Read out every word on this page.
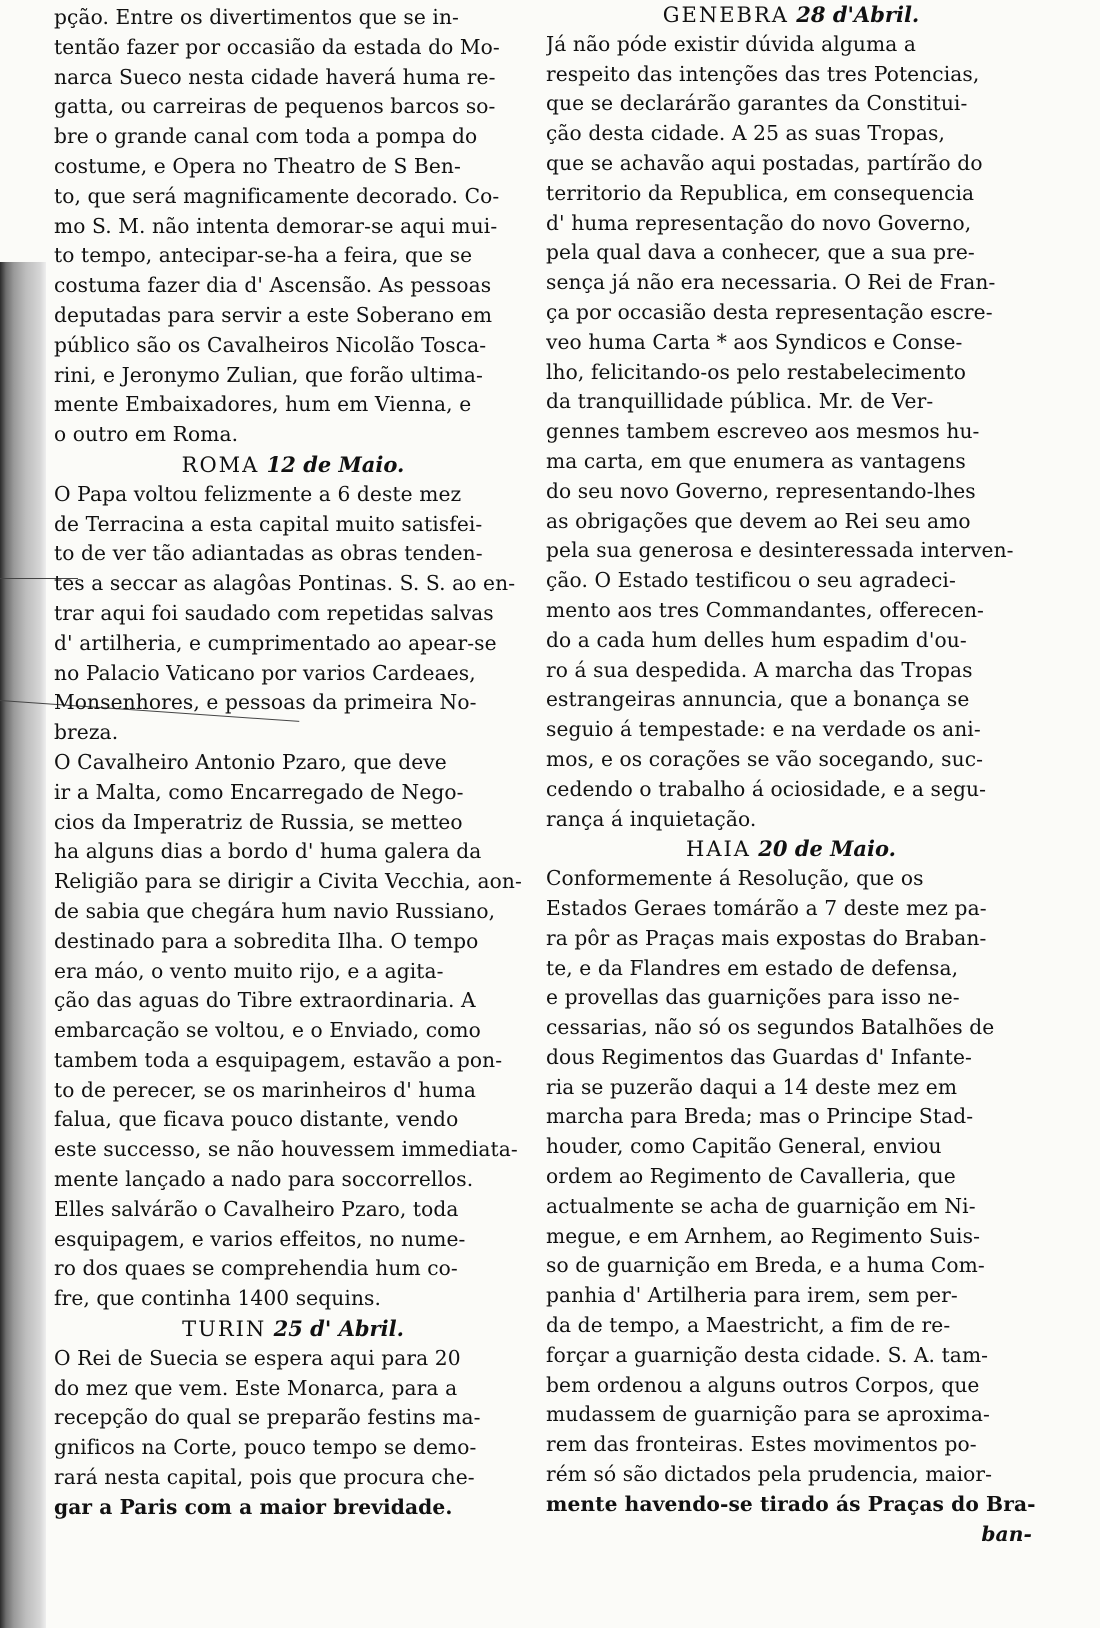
pção. Entre os divertimentos que se in-
tentão fazer por occasião da estada do Mo-
narca Sueco nesta cidade haverá huma re-
gatta, ou carreiras de pequenos barcos so-
bre o grande canal com toda a pompa do
costume, e Opera no Theatro de S Ben-
to, que será magnificamente decorado. Co-
mo S. M. não intenta demorar-se aqui mui-
to tempo, antecipar-se-ha a feira, que se
costuma fazer dia d' Ascensão. As pessoas
deputadas para servir a este Soberano em
público são os Cavalheiros Nicolão Tosca-
rini, e Jeronymo Zulian, que forão ultima-
mente Embaixadores, hum em Vienna, e
o outro em Roma.
ROMA 12 de Maio.
O Papa voltou felizmente a 6 deste mez
de Terracina a esta capital muito satisfei-
to de ver tão adiantadas as obras tenden-
tes a seccar as alagôas Pontinas. S. S. ao en-
trar aqui foi saudado com repetidas salvas
d' artilheria, e cumprimentado ao apear-se
no Palacio Vaticano por varios Cardeaes,
Monsenhores, e pessoas da primeira No-
breza.
O Cavalheiro Antonio Pzaro, que deve
ir a Malta, como Encarregado de Nego-
cios da Imperatriz de Russia, se metteo
ha alguns dias a bordo d' huma galera da
Religião para se dirigir a Civita Vecchia, aon-
de sabia que chegára hum navio Russiano,
destinado para a sobredita Ilha. O tempo
era máo, o vento muito rijo, e a agita-
ção das aguas do Tibre extraordinaria. A
embarcação se voltou, e o Enviado, como
tambem toda a esquipagem, estavão a pon-
to de perecer, se os marinheiros d' huma
falua, que ficava pouco distante, vendo
este successo, se não houvessem immediata-
mente lançado a nado para soccorrellos.
Elles salvárão o Cavalheiro Pzaro, toda
esquipagem, e varios effeitos, no nume-
ro dos quaes se comprehendia hum co-
fre, que continha 1400 sequins.
TURIN 25 d' Abril.
O Rei de Suecia se espera aqui para 20
do mez que vem. Este Monarca, para a
recepção do qual se preparão festins ma-
gnificos na Corte, pouco tempo se demo-
rará nesta capital, pois que procura che-
gar a Paris com a maior brevidade.
GENEBRA 28 d'Abril.
Já não póde existir dúvida alguma a
respeito das intenções das tres Potencias,
que se declarárão garantes da Constitui-
ção desta cidade. A 25 as suas Tropas,
que se achavão aqui postadas, partírão do
territorio da Republica, em consequencia
d' huma representação do novo Governo,
pela qual dava a conhecer, que a sua pre-
sença já não era necessaria. O Rei de Fran-
ça por occasião desta representação escre-
veo huma Carta * aos Syndicos e Conse-
lho, felicitando-os pelo restabelecimento
da tranquillidade pública. Mr. de Ver-
gennes tambem escreveo aos mesmos hu-
ma carta, em que enumera as vantagens
do seu novo Governo, representando-lhes
as obrigações que devem ao Rei seu amo
pela sua generosa e desinteressada interven-
ção. O Estado testificou o seu agradeci-
mento aos tres Commandantes, offerecen-
do a cada hum delles hum espadim d'ou-
ro á sua despedida. A marcha das Tropas
estrangeiras annuncia, que a bonança se
seguio á tempestade: e na verdade os ani-
mos, e os corações se vão socegando, suc-
cedendo o trabalho á ociosidade, e a segu-
rança á inquietação.
HAIA 20 de Maio.
Conformemente á Resolução, que os
Estados Geraes tomárão a 7 deste mez pa-
ra pôr as Praças mais expostas do Braban-
te, e da Flandres em estado de defensa,
e provellas das guarnições para isso ne-
cessarias, não só os segundos Batalhões de
dous Regimentos das Guardas d' Infante-
ria se puzerão daqui a 14 deste mez em
marcha para Breda; mas o Principe Stad-
houder, como Capitão General, enviou
ordem ao Regimento de Cavalleria, que
actualmente se acha de guarnição em Ni-
megue, e em Arnhem, ao Regimento Suis-
so de guarnição em Breda, e a huma Com-
panhia d' Artilheria para irem, sem per-
da de tempo, a Maestricht, a fim de re-
forçar a guarnição desta cidade. S. A. tam-
bem ordenou a alguns outros Corpos, que
mudassem de guarnição para se aproxima-
rem das fronteiras. Estes movimentos po-
rém só são dictados pela prudencia, maior-
mente havendo-se tirado ás Praças do Bra-
ban-
